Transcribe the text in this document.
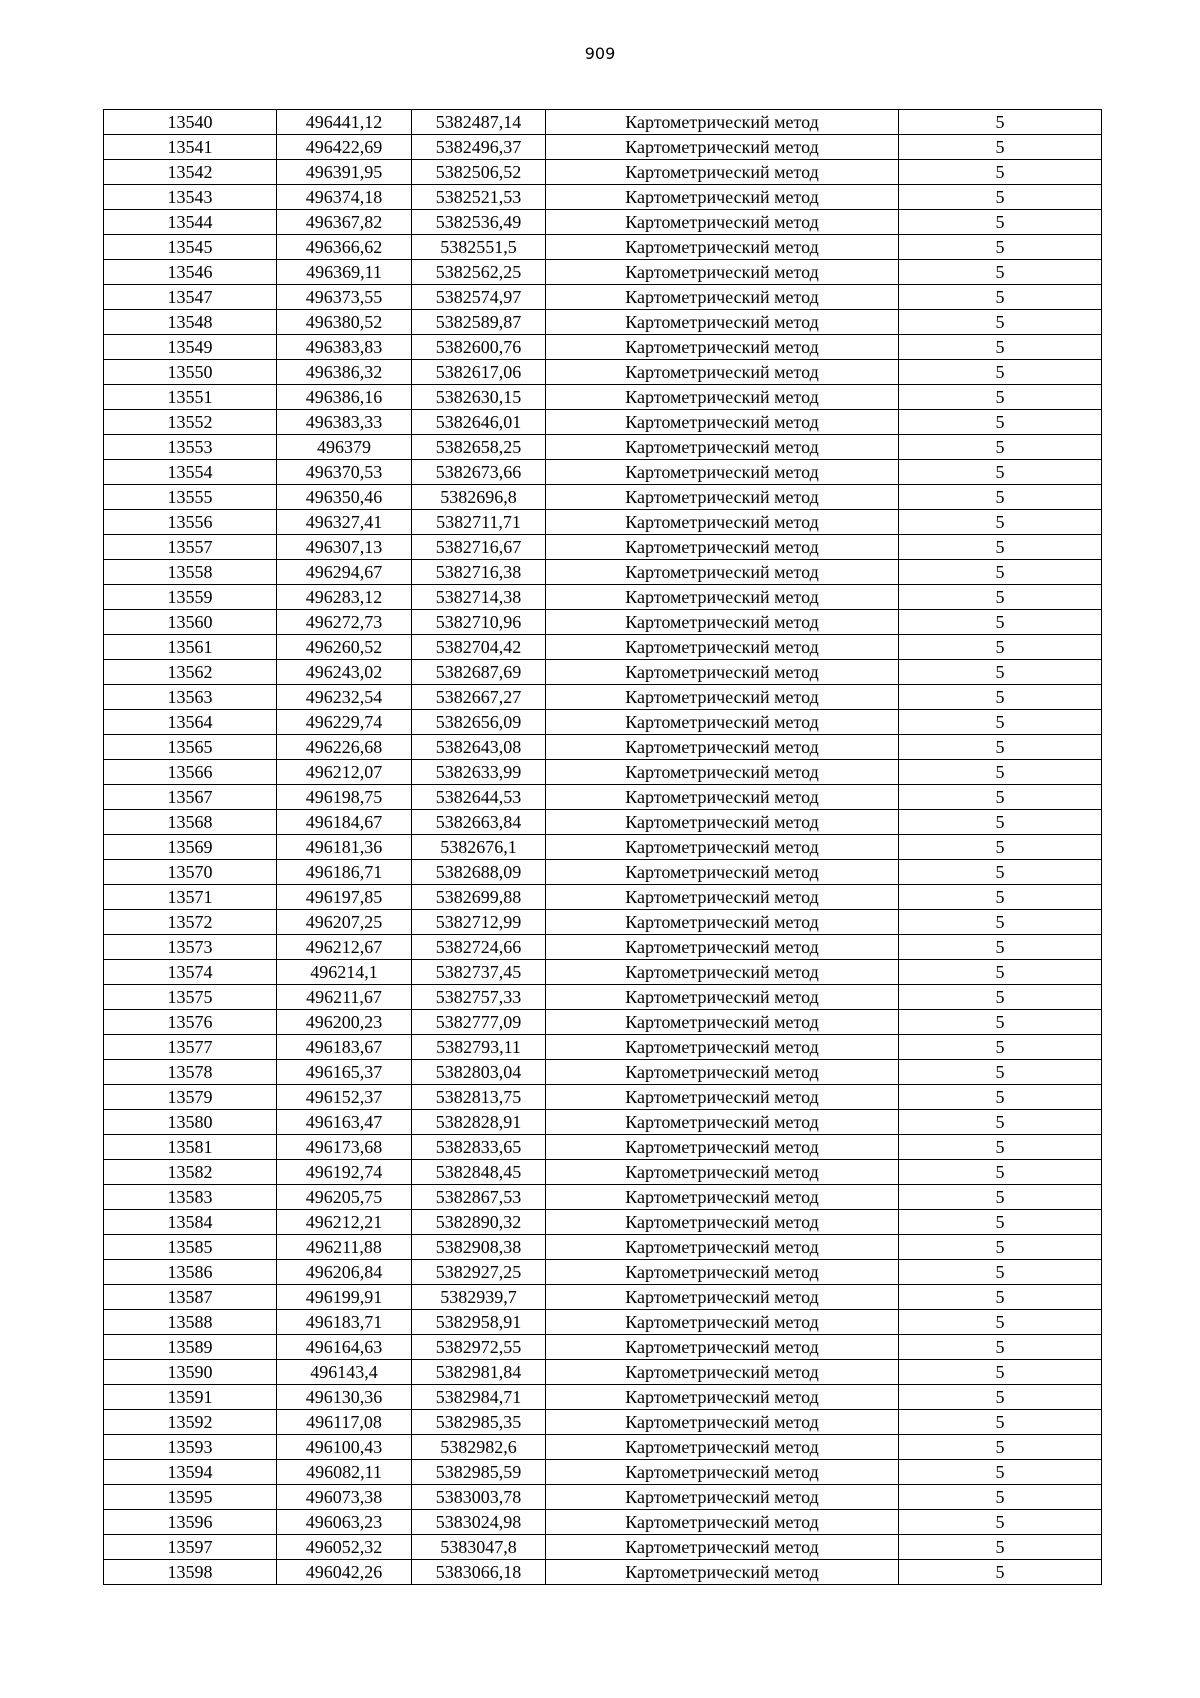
909
13540	496441,12	5382487,14	Картометрический метод	5
13541	496422,69	5382496,37	Картометрический метод	5
13542	496391,95	5382506,52	Картометрический метод	5
13543	496374,18	5382521,53	Картометрический метод	5
13544	496367,82	5382536,49	Картометрический метод	5
13545	496366,62	5382551,5	Картометрический метод	5
13546	496369,11	5382562,25	Картометрический метод	5
13547	496373,55	5382574,97	Картометрический метод	5
13548	496380,52	5382589,87	Картометрический метод	5
13549	496383,83	5382600,76	Картометрический метод	5
13550	496386,32	5382617,06	Картометрический метод	5
13551	496386,16	5382630,15	Картометрический метод	5
13552	496383,33	5382646,01	Картометрический метод	5
13553	496379	5382658,25	Картометрический метод	5
13554	496370,53	5382673,66	Картометрический метод	5
13555	496350,46	5382696,8	Картометрический метод	5
13556	496327,41	5382711,71	Картометрический метод	5
13557	496307,13	5382716,67	Картометрический метод	5
13558	496294,67	5382716,38	Картометрический метод	5
13559	496283,12	5382714,38	Картометрический метод	5
13560	496272,73	5382710,96	Картометрический метод	5
13561	496260,52	5382704,42	Картометрический метод	5
13562	496243,02	5382687,69	Картометрический метод	5
13563	496232,54	5382667,27	Картометрический метод	5
13564	496229,74	5382656,09	Картометрический метод	5
13565	496226,68	5382643,08	Картометрический метод	5
13566	496212,07	5382633,99	Картометрический метод	5
13567	496198,75	5382644,53	Картометрический метод	5
13568	496184,67	5382663,84	Картометрический метод	5
13569	496181,36	5382676,1	Картометрический метод	5
13570	496186,71	5382688,09	Картометрический метод	5
13571	496197,85	5382699,88	Картометрический метод	5
13572	496207,25	5382712,99	Картометрический метод	5
13573	496212,67	5382724,66	Картометрический метод	5
13574	496214,1	5382737,45	Картометрический метод	5
13575	496211,67	5382757,33	Картометрический метод	5
13576	496200,23	5382777,09	Картометрический метод	5
13577	496183,67	5382793,11	Картометрический метод	5
13578	496165,37	5382803,04	Картометрический метод	5
13579	496152,37	5382813,75	Картометрический метод	5
13580	496163,47	5382828,91	Картометрический метод	5
13581	496173,68	5382833,65	Картометрический метод	5
13582	496192,74	5382848,45	Картометрический метод	5
13583	496205,75	5382867,53	Картометрический метод	5
13584	496212,21	5382890,32	Картометрический метод	5
13585	496211,88	5382908,38	Картометрический метод	5
13586	496206,84	5382927,25	Картометрический метод	5
13587	496199,91	5382939,7	Картометрический метод	5
13588	496183,71	5382958,91	Картометрический метод	5
13589	496164,63	5382972,55	Картометрический метод	5
13590	496143,4	5382981,84	Картометрический метод	5
13591	496130,36	5382984,71	Картометрический метод	5
13592	496117,08	5382985,35	Картометрический метод	5
13593	496100,43	5382982,6	Картометрический метод	5
13594	496082,11	5382985,59	Картометрический метод	5
13595	496073,38	5383003,78	Картометрический метод	5
13596	496063,23	5383024,98	Картометрический метод	5
13597	496052,32	5383047,8	Картометрический метод	5
13598	496042,26	5383066,18	Картометрический метод	5
